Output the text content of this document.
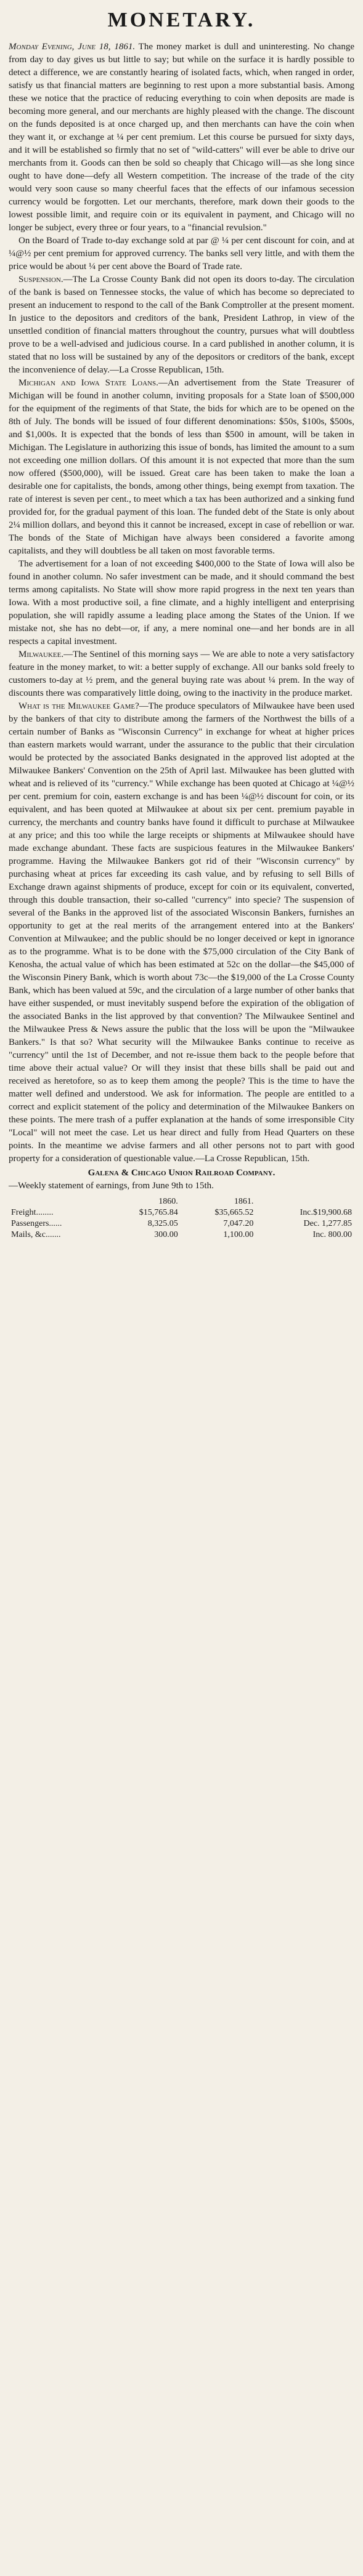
MONETARY.

Monday Evening, June 18, 1861. The money market is dull and uninteresting. No change from day to day gives us but little to say; but while on the surface it is hardly possible to detect a difference, we are constantly hearing of isolated facts, which, when ranged in order, satisfy us that financial matters are beginning to rest upon a more substantial basis. Among these we notice that the practice of reducing everything to coin when deposits are made is becoming more general, and our merchants are highly pleased with the change. The discount on the funds deposited is at once charged up, and then merchants can have the coin when they want it, or exchange at ¼ per cent premium. Let this course be pursued for sixty days, and it will be established so firmly that no set of "wild-catters" will ever be able to drive our merchants from it. Goods can then be sold so cheaply that Chicago will—as she long since ought to have done—defy all Western competition. The increase of the trade of the city would very soon cause so many cheerful faces that the effects of our infamous secession currency would be forgotten. Let our merchants, therefore, mark down their goods to the lowest possible limit, and require coin or its equivalent in payment, and Chicago will no longer be subject, every three or four years, to a "financial revulsion."

On the Board of Trade to-day exchange sold at par @ ¼ per cent discount for coin, and at ¼@½ per cent premium for approved currency. The banks sell very little, and with them the price would be about ¼ per cent above the Board of Trade rate.

Suspension.—The La Crosse County Bank did not open its doors to-day. The circulation of the bank is based on Tennessee stocks, the value of which has become so depreciated to present an inducement to respond to the call of the Bank Comptroller at the present moment. In justice to the depositors and creditors of the bank, President Lathrop, in view of the unsettled condition of financial matters throughout the country, pursues what will doubtless prove to be a well-advised and judicious course. In a card published in another column, it is stated that no loss will be sustained by any of the depositors or creditors of the bank, except the inconvenience of delay.—La Crosse Republican, 15th.

Michigan and Iowa State Loans.—An advertisement from the State Treasurer of Michigan will be found in another column, inviting proposals for a State loan of $500,000 for the equipment of the regiments of that State, the bids for which are to be opened on the 8th of July. The bonds will be issued of four different denominations: $50s, $100s, $500s, and $1,000s. It is expected that the bonds of less than $500 in amount, will be taken in Michigan. The Legislature in authorizing this issue of bonds, has limited the amount to a sum not exceeding one million dollars. Of this amount it is not expected that more than the sum now offered ($500,000), will be issued. Great care has been taken to make the loan a desirable one for capitalists, the bonds, among other things, being exempt from taxation. The rate of interest is seven per cent., to meet which a tax has been authorized and a sinking fund provided for, for the gradual payment of this loan. The funded debt of the State is only about 2¼ million dollars, and beyond this it cannot be increased, except in case of rebellion or war. The bonds of the State of Michigan have always been considered a favorite among capitalists, and they will doubtless be all taken on most favorable terms.

The advertisement for a loan of not exceeding $400,000 to the State of Iowa will also be found in another column. No safer investment can be made, and it should command the best terms among capitalists. No State will show more rapid progress in the next ten years than Iowa. With a most productive soil, a fine climate, and a highly intelligent and enterprising population, she will rapidly assume a leading place among the States of the Union. If we mistake not, she has no debt—or, if any, a mere nominal one—and her bonds are in all respects a capital investment.

Milwaukee.—The Sentinel of this morning says — We are able to note a very satisfactory feature in the money market, to wit: a better supply of exchange. All our banks sold freely to customers to-day at ½ prem, and the general buying rate was about ¼ prem. In the way of discounts there was comparatively little doing, owing to the inactivity in the produce market.

What is the Milwaukee Game?—The produce speculators of Milwaukee have been used by the bankers of that city to distribute among the farmers of the Northwest the bills of a certain number of Banks as "Wisconsin Currency" in exchange for wheat at higher prices than eastern markets would warrant, under the assurance to the public that their circulation would be protected by the associated Banks designated in the approved list adopted at the Milwaukee Bankers' Convention on the 25th of April last. Milwaukee has been glutted with wheat and is relieved of its "currency." While exchange has been quoted at Chicago at ¼@½ per cent. premium for coin, eastern exchange is and has been ¼@½ discount for coin, or its equivalent, and has been quoted at Milwaukee at about six per cent. premium payable in currency, the merchants and country banks have found it difficult to purchase at Milwaukee at any price; and this too while the large receipts or shipments at Milwaukee should have made exchange abundant. These facts are suspicious features in the Milwaukee Bankers' programme. Having the Milwaukee Bankers got rid of their "Wisconsin currency" by purchasing wheat at prices far exceeding its cash value, and by refusing to sell Bills of Exchange drawn against shipments of produce, except for coin or its equivalent, converted, through this double transaction, their so-called "currency" into specie? The suspension of several of the Banks in the approved list of the associated Wisconsin Bankers, furnishes an opportunity to get at the real merits of the arrangement entered into at the Bankers' Convention at Milwaukee; and the public should be no longer deceived or kept in ignorance as to the programme. What is to be done with the $75,000 circulation of the City Bank of Kenosha, the actual value of which has been estimated at 52c on the dollar—the $45,000 of the Wisconsin Pinery Bank, which is worth about 73c—the $19,000 of the La Crosse County Bank, which has been valued at 59c, and the circulation of a large number of other banks that have either suspended, or must inevitably suspend before the expiration of the obligation of the associated Banks in the list approved by that convention? The Milwaukee Sentinel and the Milwaukee Press & News assure the public that the loss will be upon the "Milwaukee Bankers." Is that so? What security will the Milwaukee Banks continue to receive as "currency" until the 1st of December, and not re-issue them back to the people before that time above their actual value? Or will they insist that these bills shall be paid out and received as heretofore, so as to keep them among the people? This is the time to have the matter well defined and understood. We ask for information. The people are entitled to a correct and explicit statement of the policy and determination of the Milwaukee Bankers on these points. The mere trash of a puffer explanation at the hands of some irresponsible City "Local" will not meet the case. Let us hear direct and fully from Head Quarters on these points. In the meantime we advise farmers and all other persons not to part with good property for a consideration of questionable value.—La Crosse Republican, 15th.

Galena & Chicago Union Railroad Company.

—Weekly statement of earnings, from June 9th to 15th.

	1860.	1861.	
Freight........	$15,765.84	$35,665.52	Inc.$19,900.68
Passengers......	8,325.05	7,047.20	Dec. 1,277.85
Mails, &c.......	300.00	1,100.00	Inc. 800.00
